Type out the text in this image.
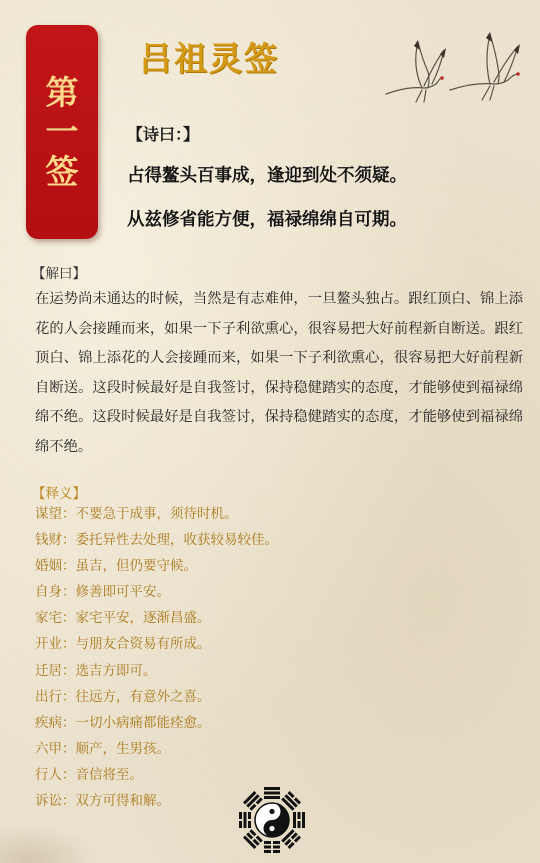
第
一
签
吕祖灵签
【诗曰：】
占得鳌头百事成，逢迎到处不须疑。
从兹修省能方便，福禄绵绵自可期。
【解曰】
在运势尚未通达的时候，当然是有志难伸，一旦鳌头独占。跟红顶白、锦上添花的人会接踵而来，如果一下子利欲熏心，很容易把大好前程新自断送。跟红顶白、锦上添花的人会接踵而来，如果一下子利欲熏心，很容易把大好前程新自断送。这段时候最好是自我签讨，保持稳健踏实的态度，才能够使到福禄绵绵不绝。这段时候最好是自我签讨，保持稳健踏实的态度，才能够使到福禄绵绵不绝。
【释义】
谋望：不要急于成事，须待时机。
钱财：委托异性去处理，收获较易较佳。
婚姻：虽吉，但仍要守候。
自身：修善即可平安。
家宅：家宅平安，逐渐昌盛。
开业：与朋友合资易有所成。
迁居：选吉方即可。
出行：往远方，有意外之喜。
疾病：一切小病痛都能痊愈。
六甲：顺产，生男孩。
行人：音信将至。
诉讼：双方可得和解。
